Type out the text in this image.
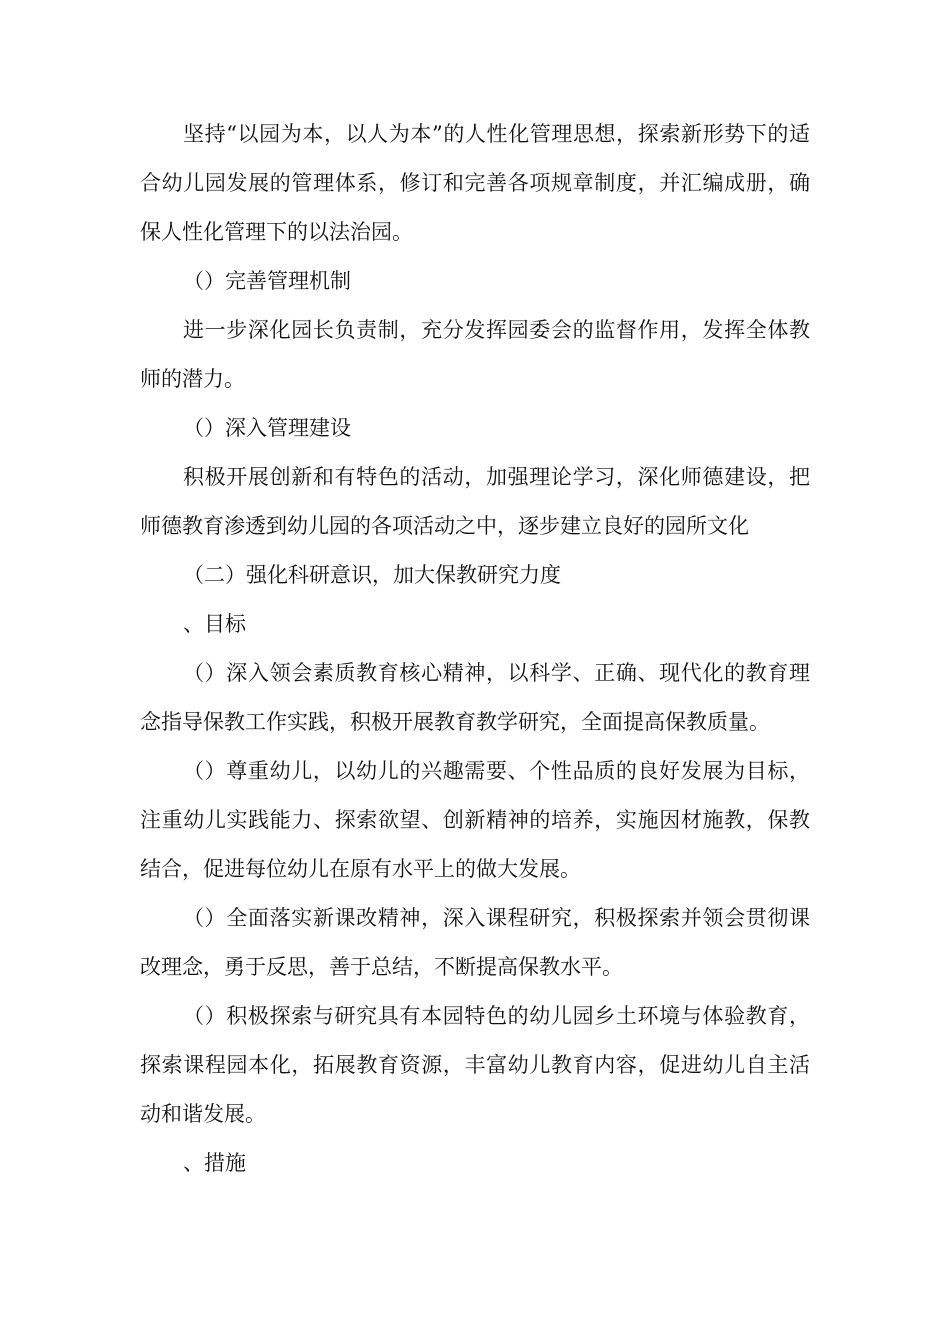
坚持“以园为本，以人为本”的人性化管理思想，探索新形势下的适合幼儿园发展的管理体系，修订和完善各项规章制度，并汇编成册，确保人性化管理下的以法治园。

（）完善管理机制

进一步深化园长负责制，充分发挥园委会的监督作用，发挥全体教师的潜力。

（）深入管理建设

积极开展创新和有特色的活动，加强理论学习，深化师德建设，把师德教育渗透到幼儿园的各项活动之中，逐步建立良好的园所文化

（二）强化科研意识，加大保教研究力度

、目标

（）深入领会素质教育核心精神，以科学、正确、现代化的教育理念指导保教工作实践，积极开展教育教学研究，全面提高保教质量。

（）尊重幼儿，以幼儿的兴趣需要、个性品质的良好发展为目标，注重幼儿实践能力、探索欲望、创新精神的培养，实施因材施教，保教结合，促进每位幼儿在原有水平上的做大发展。

（）全面落实新课改精神，深入课程研究，积极探索并领会贯彻课改理念，勇于反思，善于总结，不断提高保教水平。

（）积极探索与研究具有本园特色的幼儿园乡土环境与体验教育，探索课程园本化，拓展教育资源，丰富幼儿教育内容，促进幼儿自主活动和谐发展。

、措施
